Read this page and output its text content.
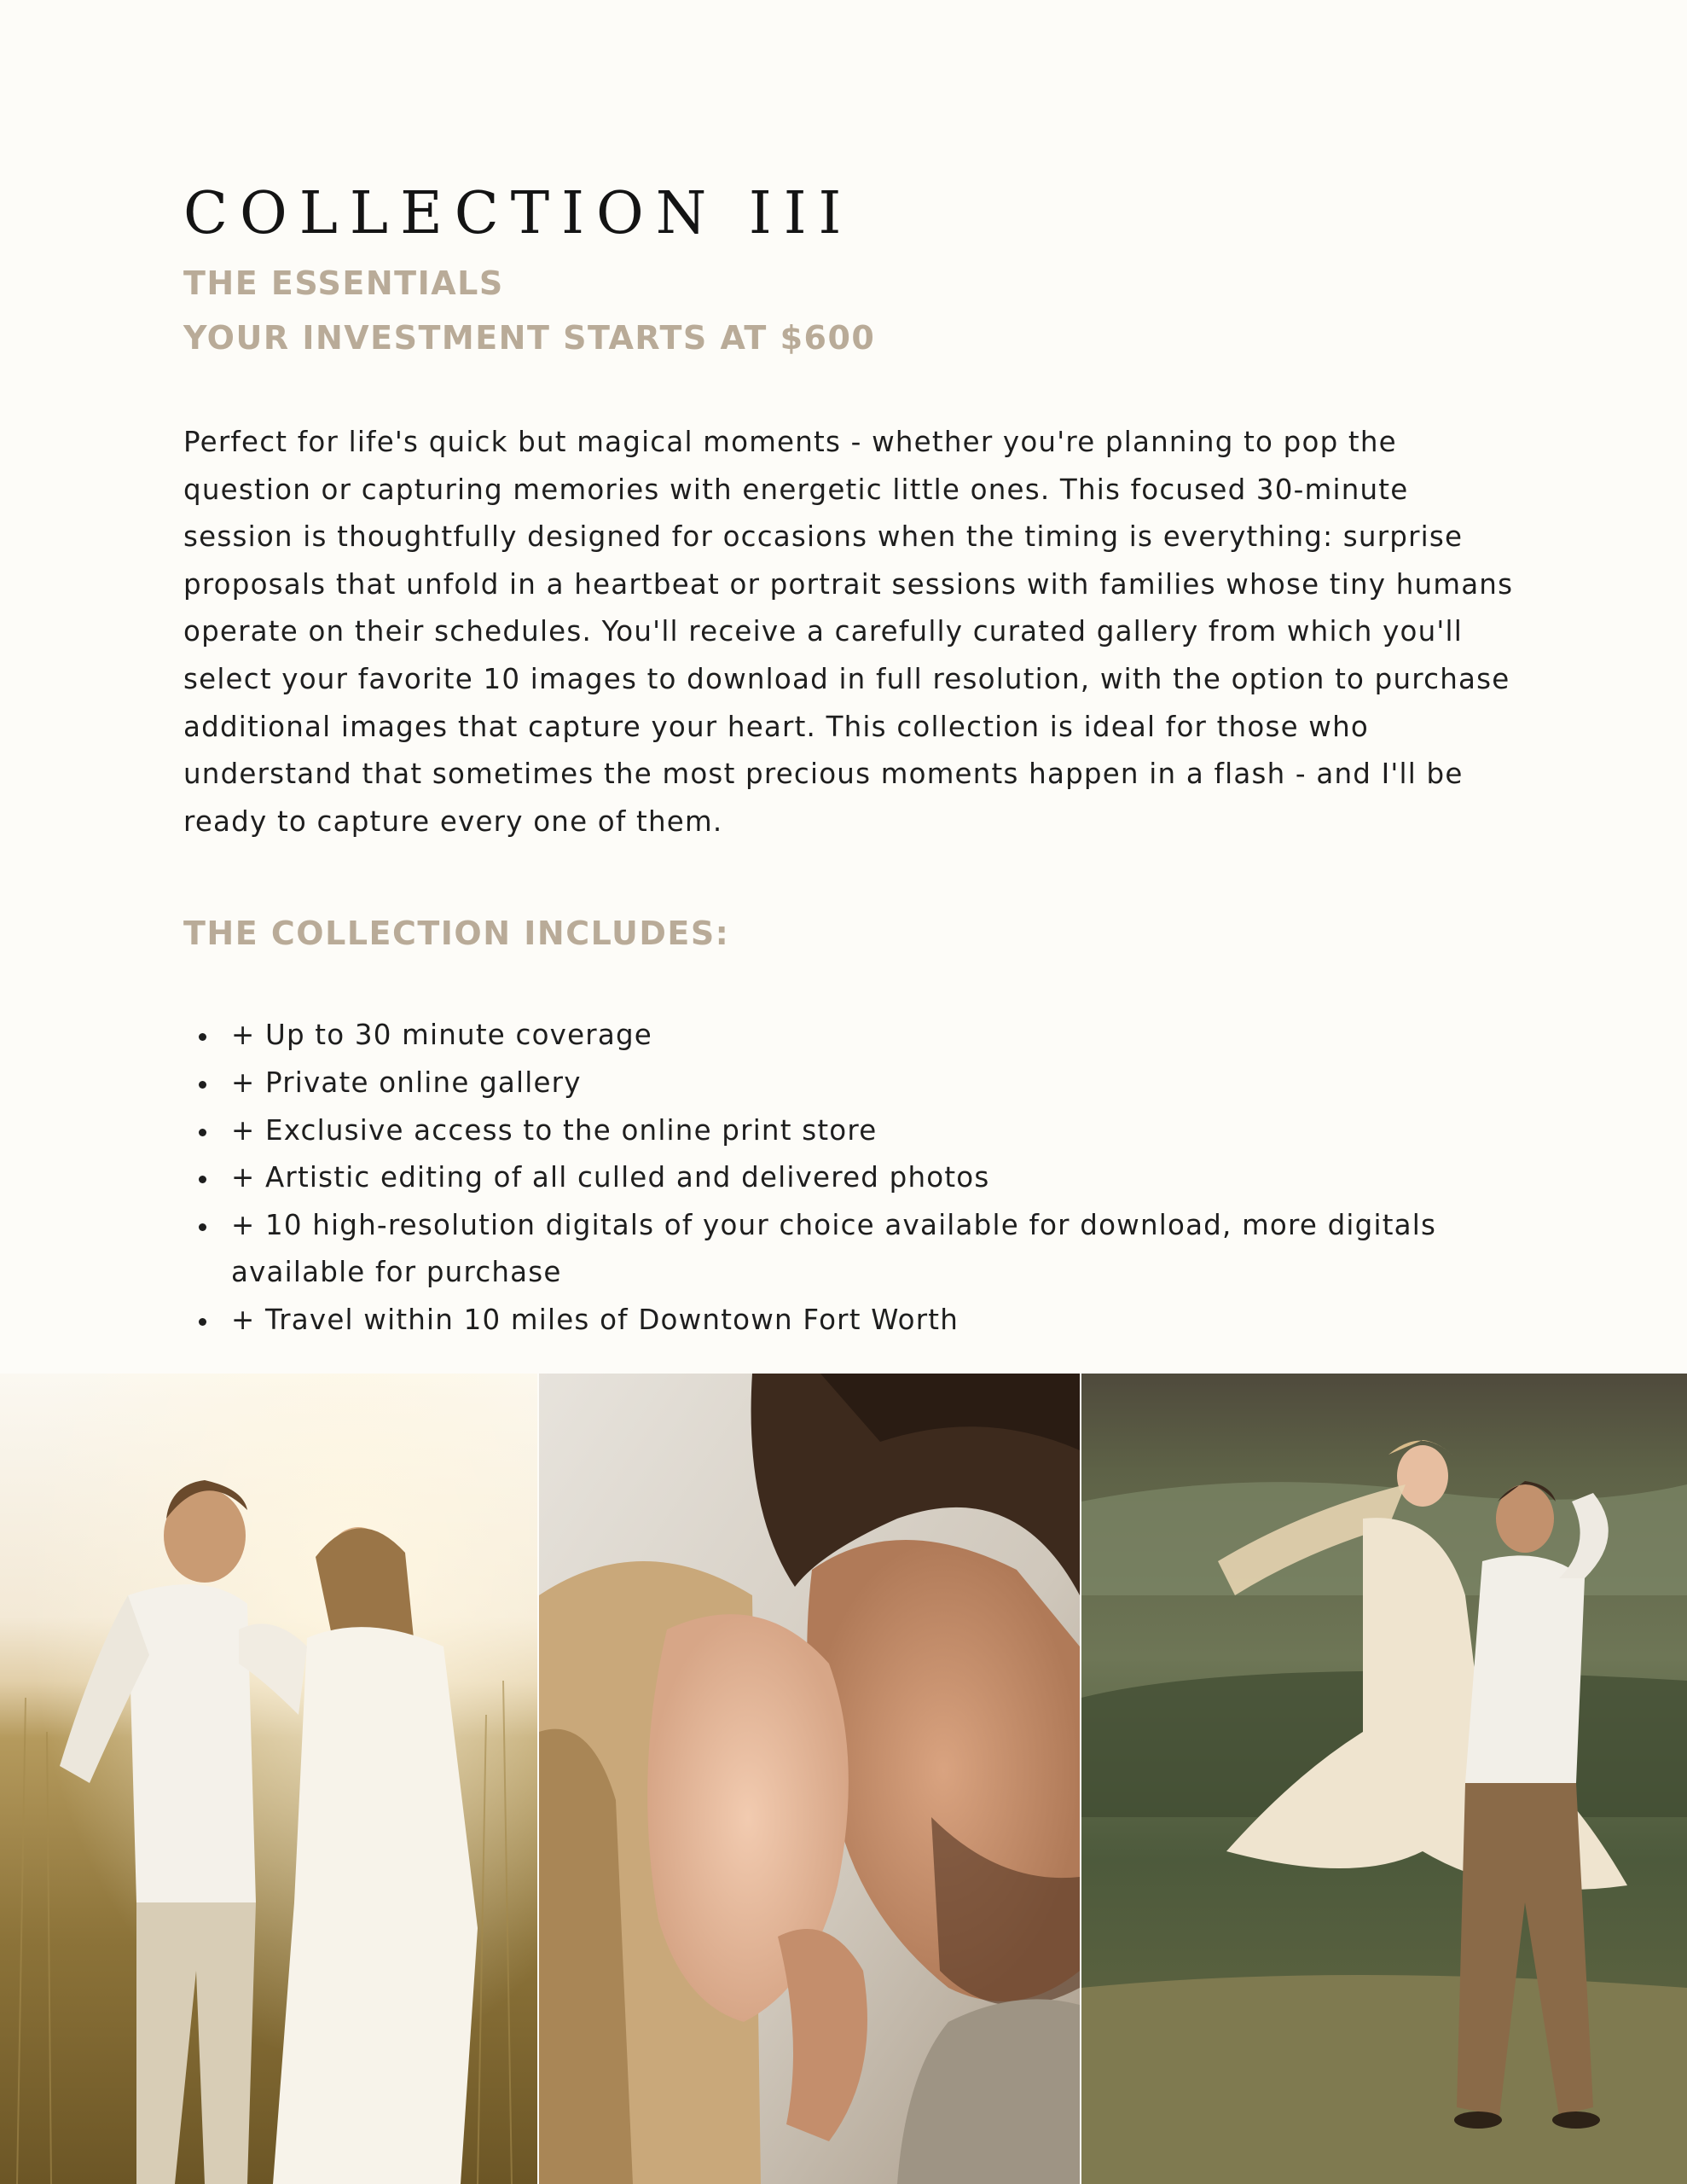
COLLECTION III

THE ESSENTIALS

YOUR INVESTMENT STARTS AT $600

Perfect for life's quick but magical moments - whether you're planning to pop the question or capturing memories with energetic little ones. This focused 30-minute session is thoughtfully designed for occasions when the timing is everything: surprise proposals that unfold in a heartbeat or portrait sessions with families whose tiny humans operate on their schedules. You'll receive a carefully curated gallery from which you'll select your favorite 10 images to download in full resolution, with the option to purchase additional images that capture your heart. This collection is ideal for those who understand that sometimes the most precious moments happen in a flash - and I'll be ready to capture every one of them.

THE COLLECTION INCLUDES:

+ Up to 30 minute coverage
+ Private online gallery
+ Exclusive access to the online print store
+ Artistic editing of all culled and delivered photos
+ 10 high-resolution digitals of your choice available for download, more digitals available for purchase
+ Travel within 10 miles of Downtown Fort Worth
